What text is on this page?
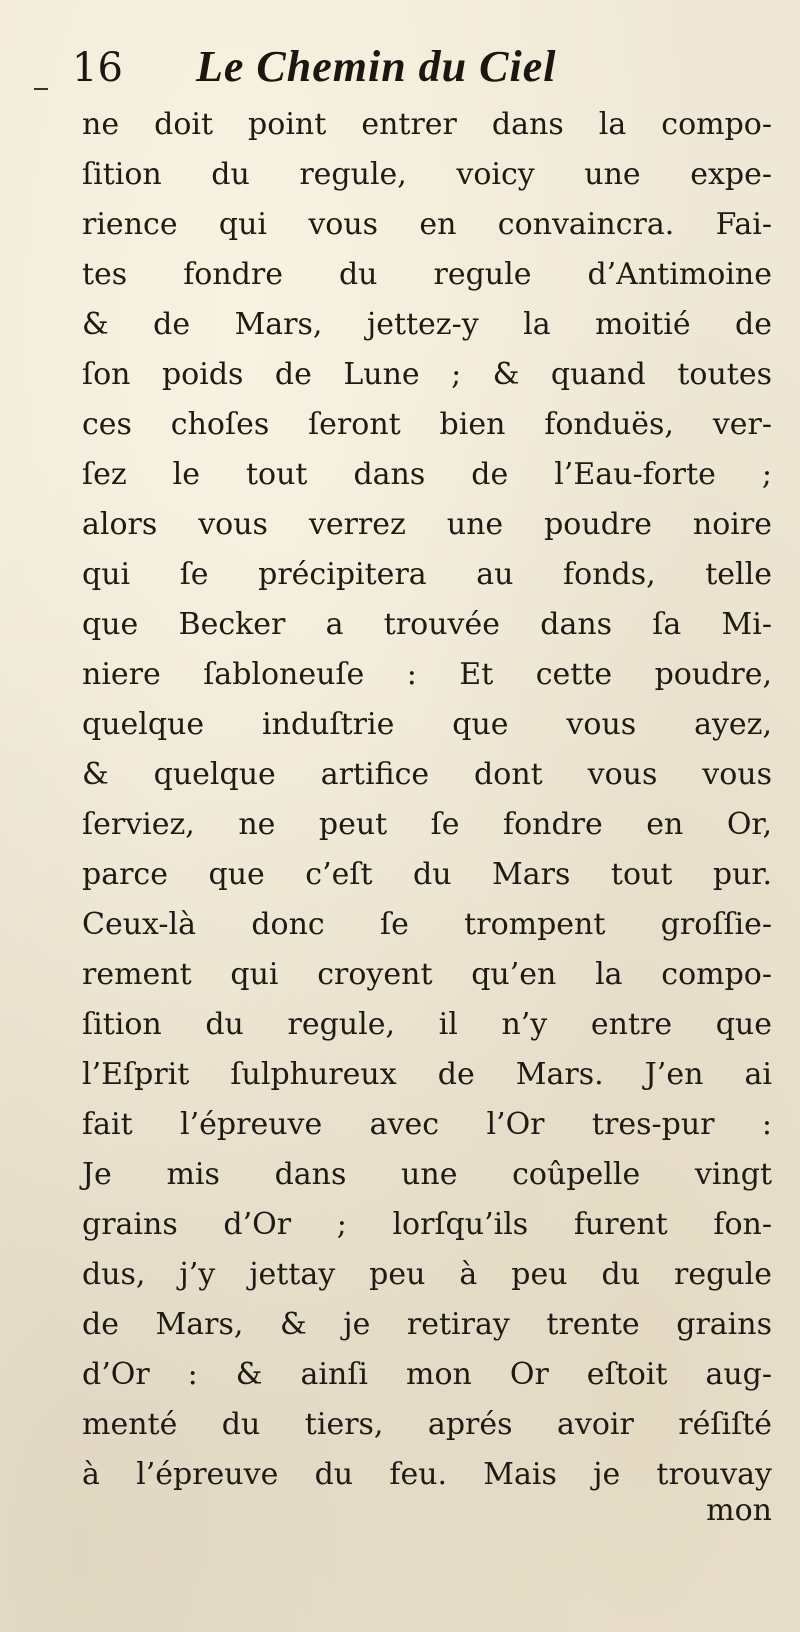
16 Le Chemin du Ciel
ne doit point entrer dans la compo-
ſition du regule, voicy une expe-
rience qui vous en convaincra. Fai-
tes fondre du regule d’Antimoine
& de Mars, jettez-y la moitié de
ſon poids de Lune ; & quand toutes
ces choſes ſeront bien fonduës, ver-
ſez le tout dans de l’Eau-forte ;
alors vous verrez une poudre noire
qui ſe précipitera au fonds, telle
que Becker a trouvée dans ſa Mi-
niere ſabloneuſe : Et cette poudre,
quelque induſtrie que vous ayez,
& quelque artifice dont vous vous
ſerviez, ne peut ſe fondre en Or,
parce que c’eſt du Mars tout pur.
Ceux-là donc ſe trompent groſſie-
rement qui croyent qu’en la compo-
ſition du regule, il n’y entre que
l’Eſprit ſulphureux de Mars. J’en ai
fait l’épreuve avec l’Or tres-pur :
Je mis dans une coûpelle vingt
grains d’Or ; lorſqu’ils furent fon-
dus, j’y jettay peu à peu du regule
de Mars, & je retiray trente grains
d’Or : & ainſi mon Or eſtoit aug-
menté du tiers, aprés avoir réſiſté
à l’épreuve du feu. Mais je trouvay
mon
